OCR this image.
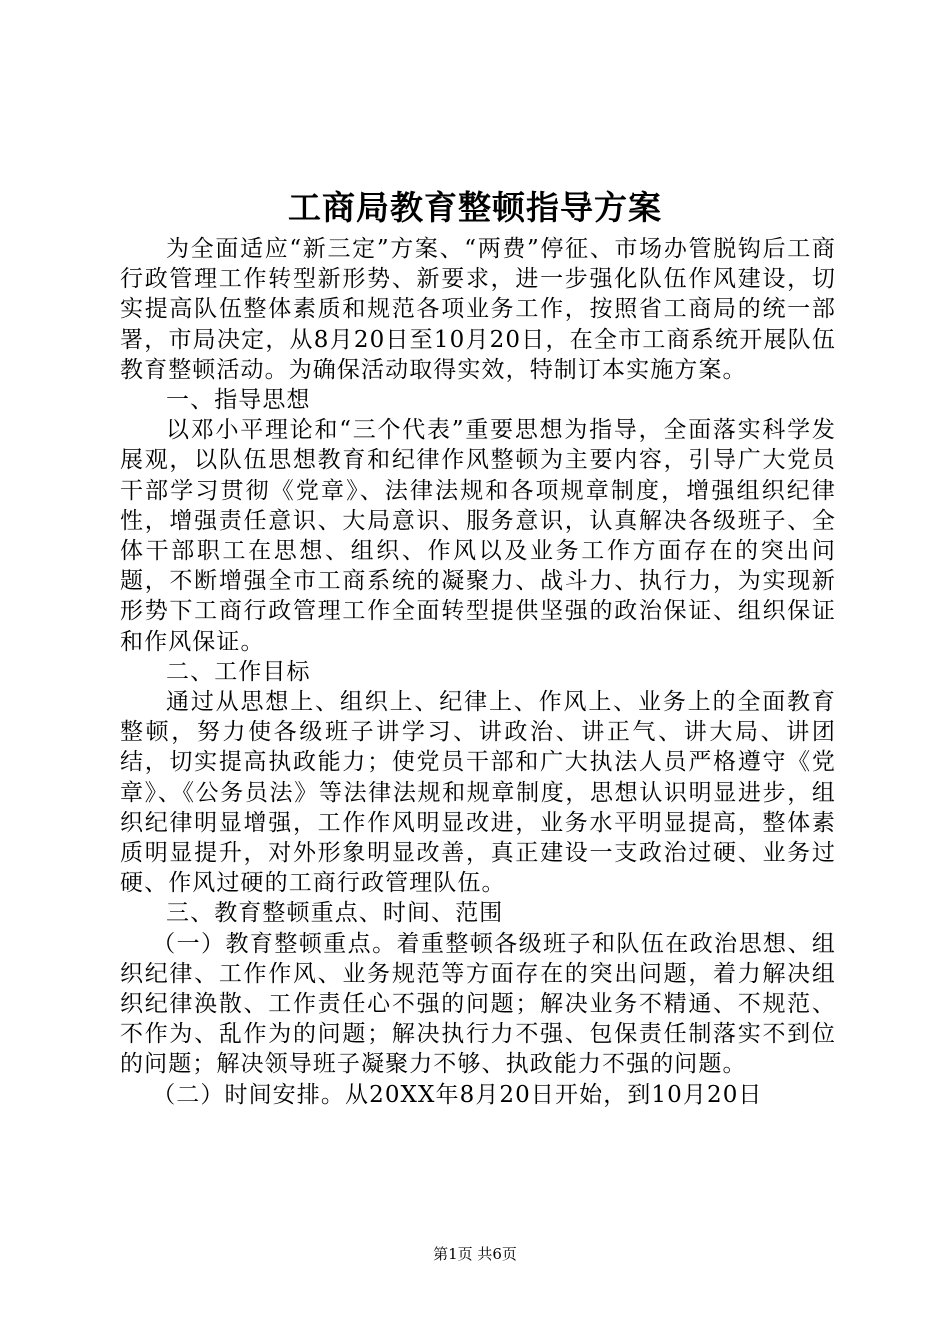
工商局教育整顿指导方案

为全面适应“新三定”方案、“两费”停征、市场办管脱钩后工商行政管理工作转型新形势、新要求，进一步强化队伍作风建设，切实提高队伍整体素质和规范各项业务工作，按照省工商局的统一部署，市局决定，从8月20日至10月20日，在全市工商系统开展队伍教育整顿活动。为确保活动取得实效，特制订本实施方案。

一、指导思想

以邓小平理论和“三个代表”重要思想为指导，全面落实科学发展观，以队伍思想教育和纪律作风整顿为主要内容，引导广大党员干部学习贯彻《党章》、法律法规和各项规章制度，增强组织纪律性，增强责任意识、大局意识、服务意识，认真解决各级班子、全体干部职工在思想、组织、作风以及业务工作方面存在的突出问题，不断增强全市工商系统的凝聚力、战斗力、执行力，为实现新形势下工商行政管理工作全面转型提供坚强的政治保证、组织保证和作风保证。

二、工作目标

通过从思想上、组织上、纪律上、作风上、业务上的全面教育整顿，努力使各级班子讲学习、讲政治、讲正气、讲大局、讲团结，切实提高执政能力；使党员干部和广大执法人员严格遵守《党章》、《公务员法》等法律法规和规章制度，思想认识明显进步，组织纪律明显增强，工作作风明显改进，业务水平明显提高，整体素质明显提升，对外形象明显改善，真正建设一支政治过硬、业务过硬、作风过硬的工商行政管理队伍。

三、教育整顿重点、时间、范围

（一）教育整顿重点。着重整顿各级班子和队伍在政治思想、组织纪律、工作作风、业务规范等方面存在的突出问题，着力解决组织纪律涣散、工作责任心不强的问题；解决业务不精通、不规范、不作为、乱作为的问题；解决执行力不强、包保责任制落实不到位的问题；解决领导班子凝聚力不够、执政能力不强的问题。

（二）时间安排。从20XX年8月20日开始，到10月20日

第1页 共6页
